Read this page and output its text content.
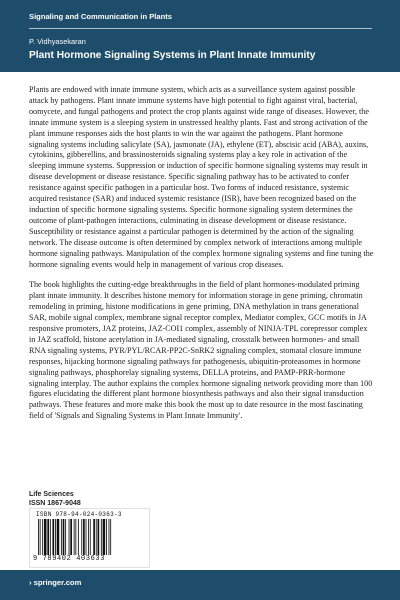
Signaling and Communication in Plants
P. Vidhyasekaran
Plant Hormone Signaling Systems in Plant Innate Immunity

Plants are endowed with innate immune system, which acts as a surveillance system against possible attack by pathogens. Plant innate immune systems have high potential to fight against viral, bacterial, oomycete, and fungal pathogens and protect the crop plants against wide range of diseases. However, the innate immune system is a sleeping system in unstressed healthy plants. Fast and strong activation of the plant immune responses aids the host plants to win the war against the pathogens. Plant hormone signaling systems including salicylate (SA), jasmonate (JA), ethylene (ET), abscisic acid (ABA), auxins, cytokinins, gibberellins, and brassinosteroids signaling systems play a key role in activation of the sleeping immune systems. Suppression or induction of specific hormone signaling systems may result in disease development or disease resistance. Specific signaling pathway has to be activated to confer resistance against specific pathogen in a particular host. Two forms of induced resistance, systemic acquired resistance (SAR) and induced systemic resistance (ISR), have been recognized based on the induction of specific hormone signaling systems. Specific hormone signaling system determines the outcome of plant-pathogen interactions, culminating in disease development or disease resistance. Susceptibility or resistance against a particular pathogen is determined by the action of the signaling network. The disease outcome is often determined by complex network of interactions among multiple hormone signaling pathways. Manipulation of the complex hormone signaling systems and fine tuning the hormone signaling events would help in management of various crop diseases.

The book highlights the cutting-edge breakthroughs in the field of plant hormones-modulated priming plant innate immunity. It describes histone memory for information storage in gene priming, chromatin remodeling in priming, histone modifications in gene priming, DNA methylation in trans generational SAR, mobile signal complex, membrane signal receptor complex, Mediator complex, GCC motifs in JA responsive promoters, JAZ proteins, JAZ-COI1 complex, assembly of NINJA-TPL corepressor complex in JAZ scaffold, histone acetylation in JA-mediated signaling, crosstalk between hormones- and small RNA signaling systems, PYR/PYL/RCAR-PP2C-SnRK2 signaling complex, stomatal closure immune responses, hijacking hormone signaling pathways for pathogenesis, ubiquitin-proteasomes in hormone signaling pathways, phosphorelay signaling systems, DELLA proteins, and PAMP-PRR-hormone signaling interplay. The author explains the complex hormone signaling network providing more than 100 figures elucidating the different plant hormone biosynthesis pathways and also their signal transduction pathways. These features and more make this book the most up to date resource in the most fascinating field of 'Signals and Signaling Systems in Plant Innate Immunity'.

Life Sciences
ISSN 1867-9048
ISBN 978-94-024-0363-3
9 789402 403633
› springer.com
